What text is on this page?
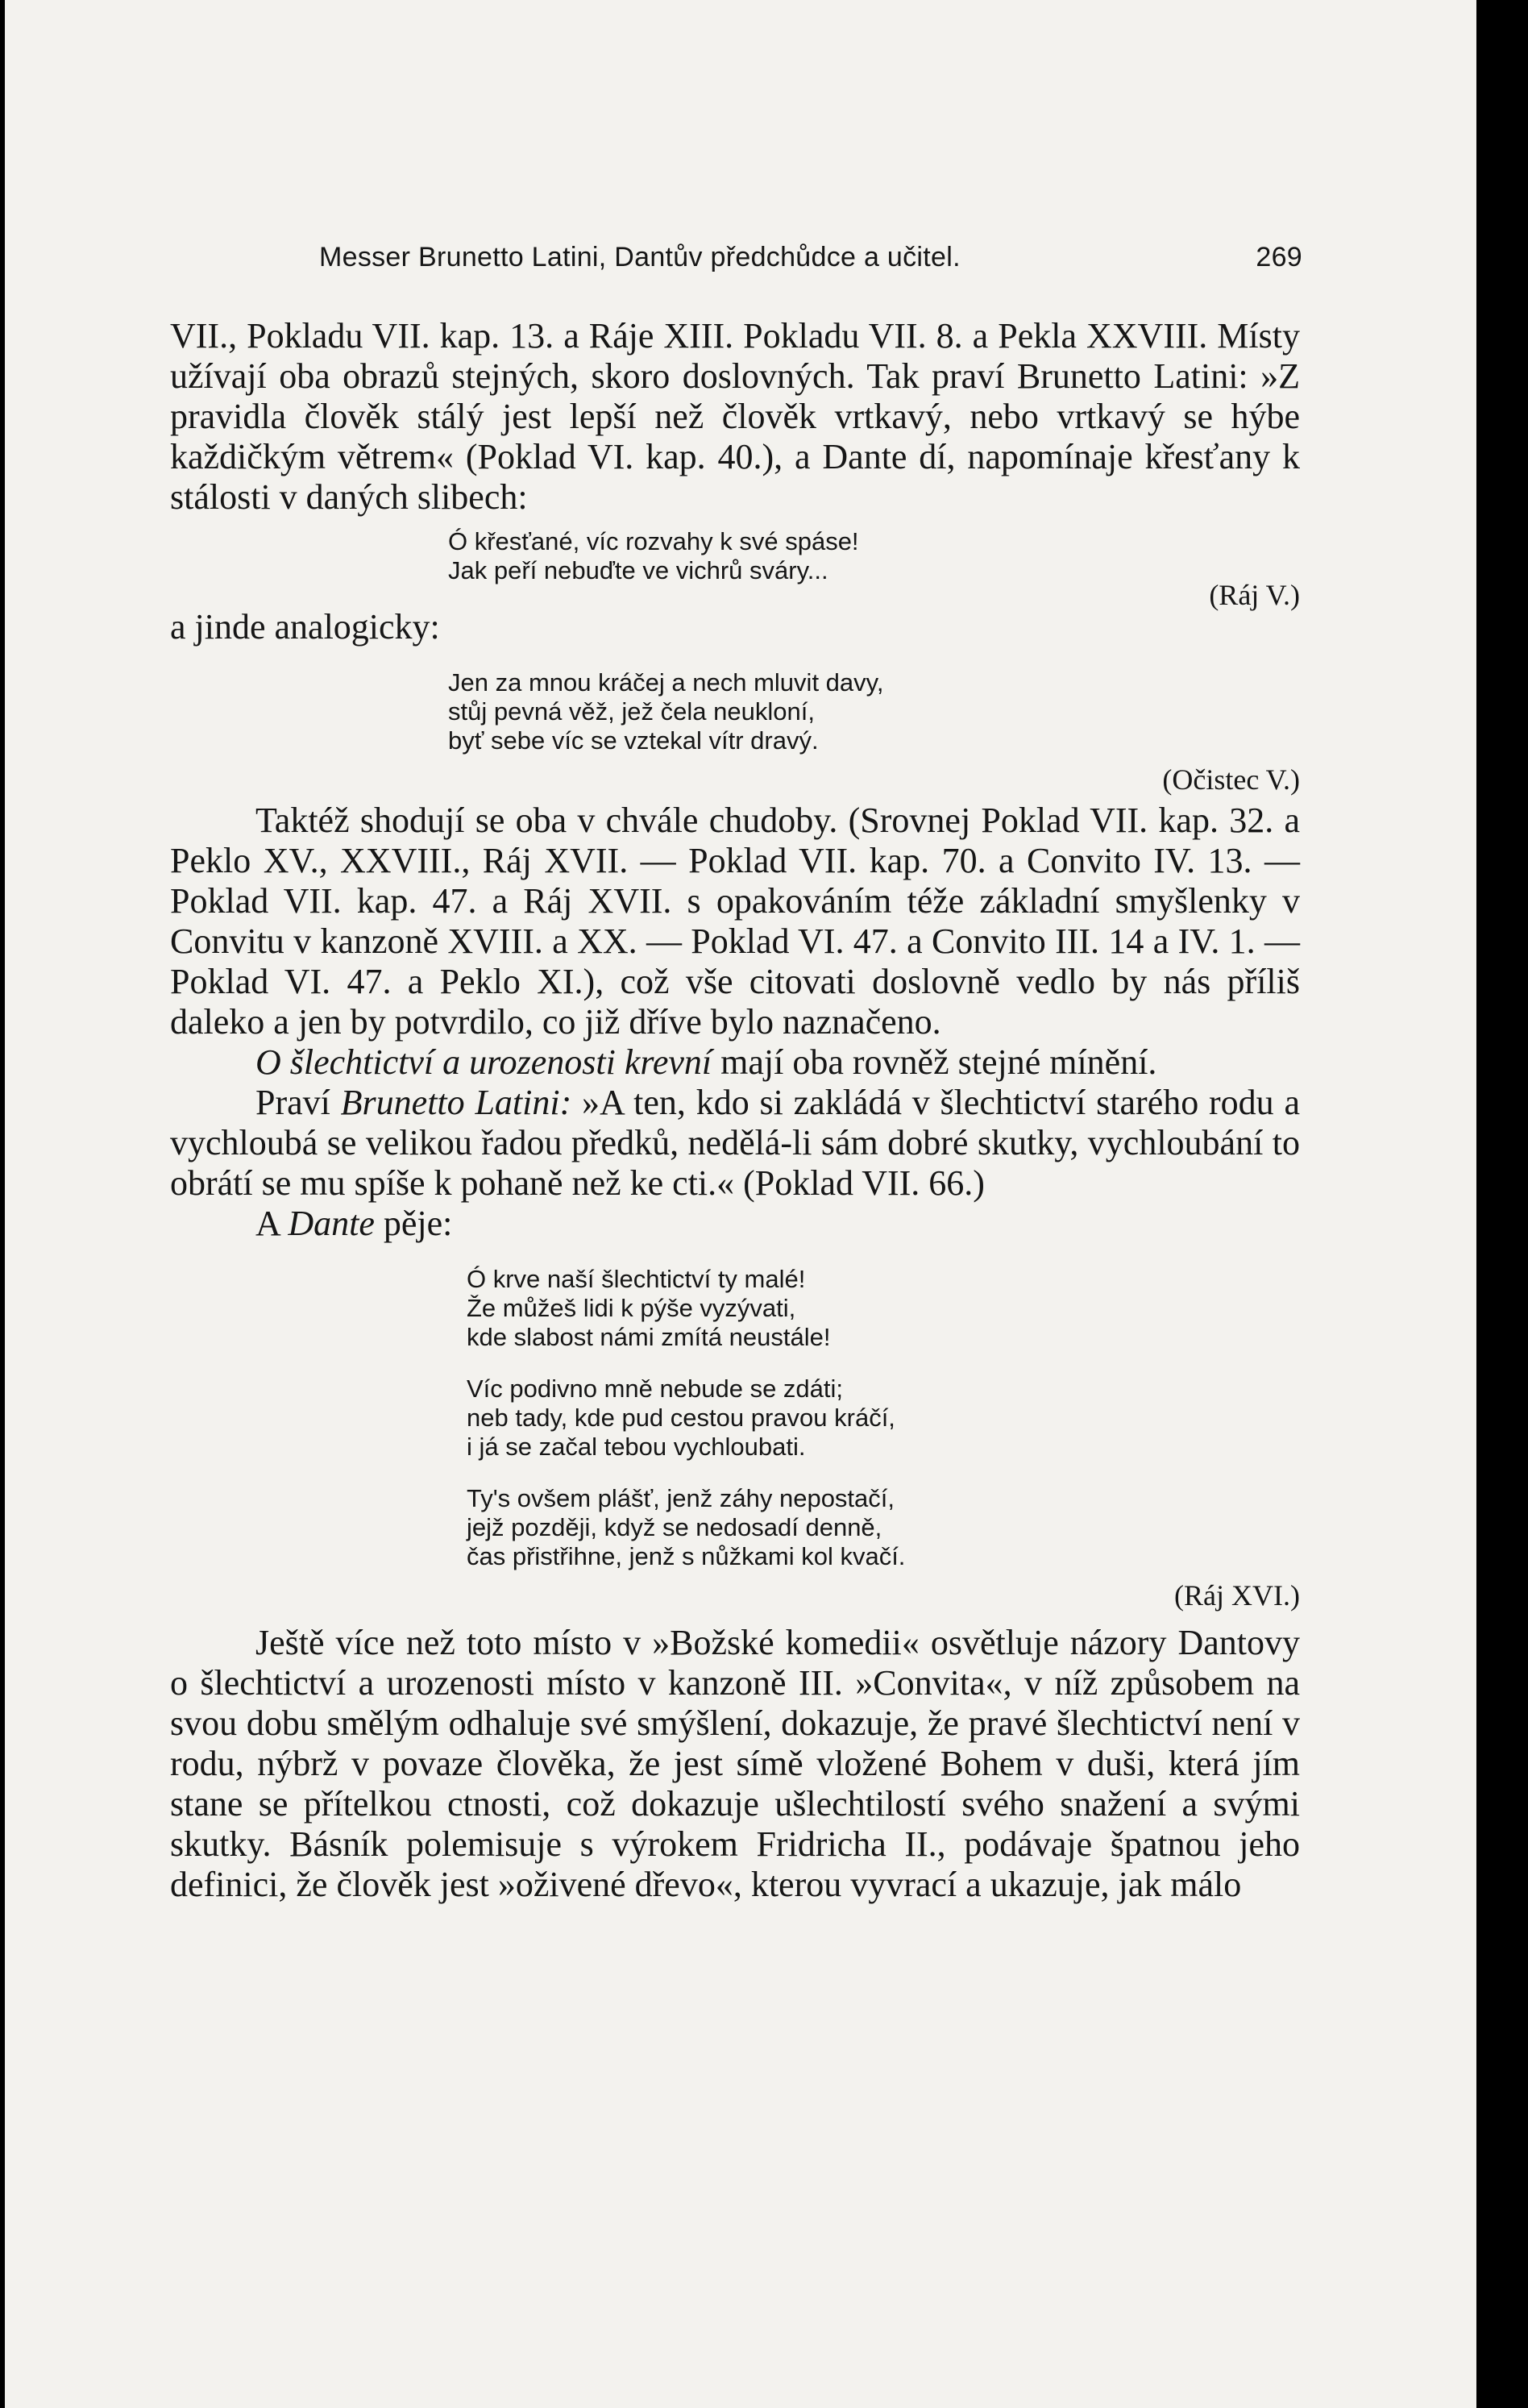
Messer Brunetto Latini, Dantův předchůdce a učitel.	269

VII., Pokladu VII. kap. 13. a Ráje XIII. Pokladu VII. 8. a Pekla XXVIII. Místy užívají oba obrazů stejných, skoro doslovných. Tak praví Brunetto Latini: »Z pravidla člověk stálý jest lepší než člověk vrtkavý, nebo vrtkavý se hýbe každičkým větrem« (Poklad VI. kap. 40.), a Dante dí, napomínaje křesťany k stálosti v daných slibech:

Ó křesťané, víc rozvahy k své spáse!
Jak peří nebuďte ve vichrů sváry...

(Ráj V.)

a jinde analogicky:

Jen za mnou kráčej a nech mluvit davy,
stůj pevná věž, jež čela neukloní,
byť sebe víc se vztekal vítr dravý.

(Očistec V.)

Taktéž shodují se oba v chvále chudoby. (Srovnej Poklad VII. kap. 32. a Peklo XV., XXVIII., Ráj XVII. — Poklad VII. kap. 70. a Convito IV. 13. — Poklad VII. kap. 47. a Ráj XVII. s opakováním téže základní smyšlenky v Convitu v kanzoně XVIII. a XX. — Poklad VI. 47. a Convito III. 14 a IV. 1. — Poklad VI. 47. a Peklo XI.), což vše citovati doslovně vedlo by nás příliš daleko a jen by potvrdilo, co již dříve bylo naznačeno.

O šlechtictví a urozenosti krevní mají oba rovněž stejné mínění.

Praví Brunetto Latini: »A ten, kdo si zakládá v šlechtictví starého rodu a vychloubá se velikou řadou předků, nedělá-li sám dobré skutky, vychloubání to obrátí se mu spíše k pohaně než ke cti.« (Poklad VII. 66.)

A Dante pěje:

Ó krve naší šlechtictví ty malé!
Že můžeš lidi k pýše vyzývati,
kde slabost námi zmítá neustále!
Víc podivno mně nebude se zdáti;
neb tady, kde pud cestou pravou kráčí,
i já se začal tebou vychloubati.
Ty's ovšem plášť, jenž záhy nepostačí,
jejž později, když se nedosadí denně,
čas přistřihne, jenž s nůžkami kol kvačí.

(Ráj XVI.)

Ještě více než toto místo v »Božské komedii« osvětluje názory Dantovy o šlechtictví a urozenosti místo v kanzoně III. »Convita«, v níž způsobem na svou dobu smělým odhaluje své smýšlení, dokazuje, že pravé šlechtictví není v rodu, nýbrž v povaze člověka, že jest símě vložené Bohem v duši, která jím stane se přítelkou ctnosti, což dokazuje ušlechtilostí svého snažení a svými skutky. Básník polemisuje s výrokem Fridricha II., podávaje špatnou jeho definici, že člověk jest »oživené dřevo«, kterou vyvrací a ukazuje, jak málo
